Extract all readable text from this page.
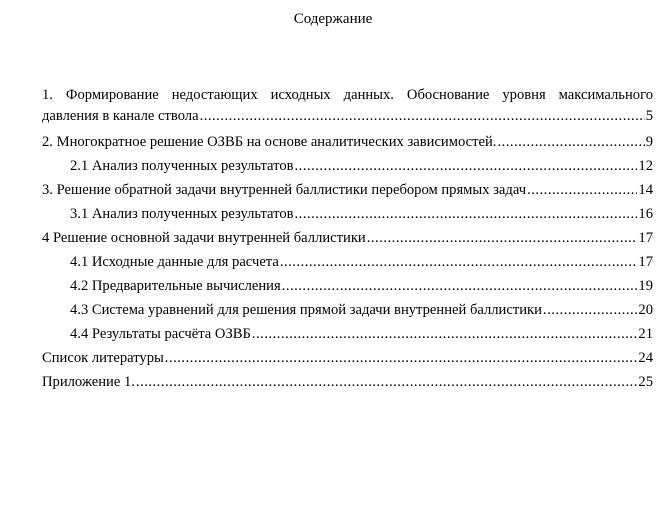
Содержание
1. Формирование недостающих исходных данных. Обоснование уровня максимального
давления в канале ствола .....	5
2. Многократное решение ОЗВБ на основе аналитических зависимостей. .....	9
2.1 Анализ полученных результатов .....	12
3. Решение обратной задачи внутренней баллистики перебором прямых задач .....	14
3.1 Анализ полученных результатов .....	16
4 Решение основной задачи внутренней баллистики .....	17
4.1 Исходные данные для расчета .....	17
4.2 Предварительные вычисления .....	19
4.3 Система уравнений для решения прямой задачи внутренней баллистики .....	20
4.4 Результаты расчёта ОЗВБ .....	21
Список литературы .....	24
Приложение 1. .....	25
